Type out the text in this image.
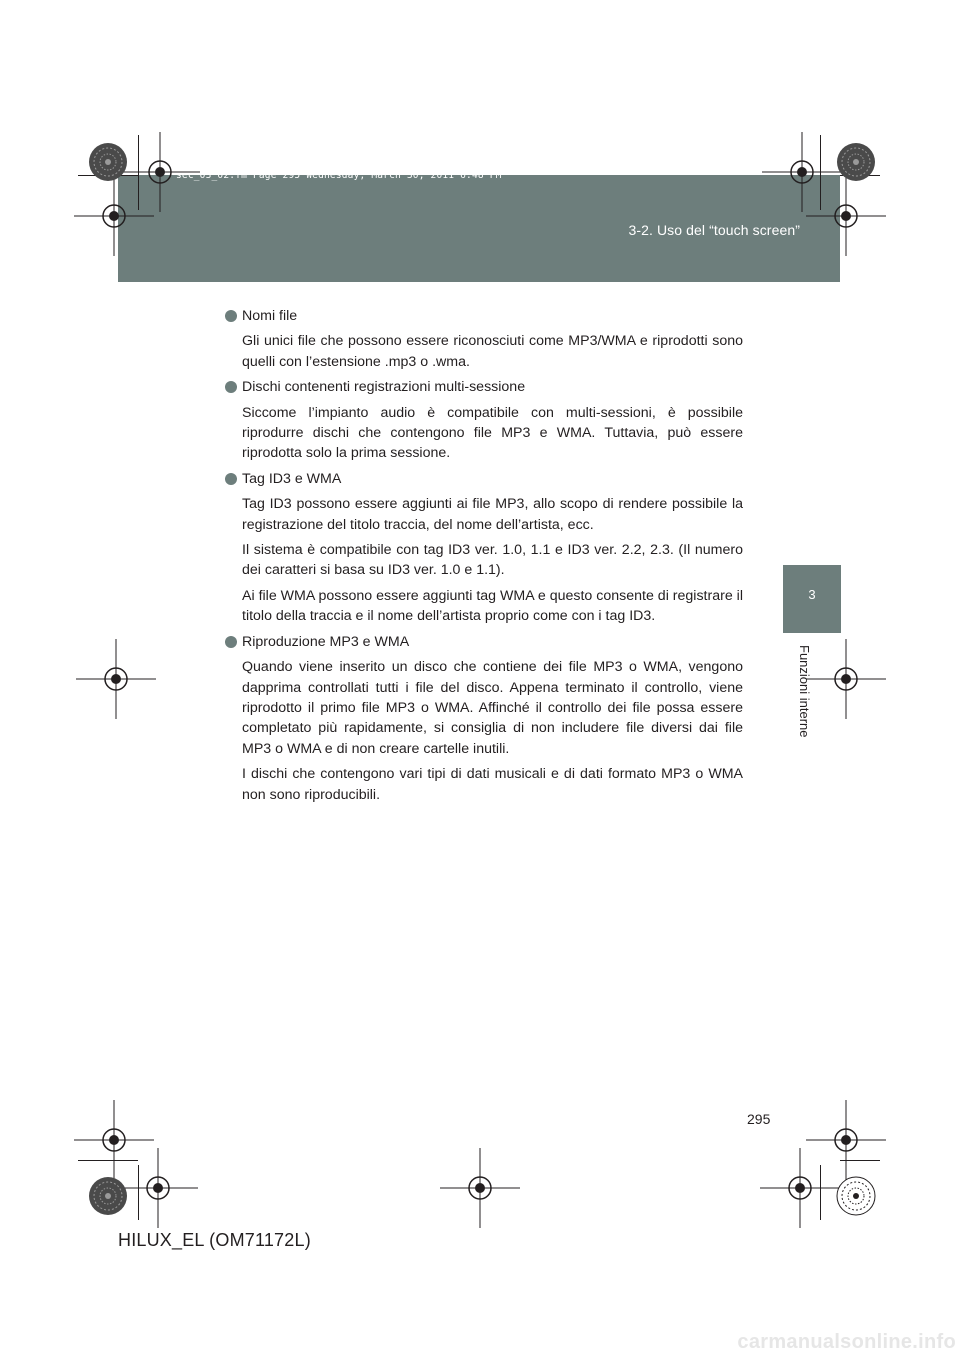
sec_03_02.fm Page 295 Wednesday, March 30, 2011 6:48 PM
3-2. Uso del “touch screen”
3
Funzioni interne
Nomi file

Gli unici file che possono essere riconosciuti come MP3/WMA e riprodotti sono quelli con l’estensione .mp3 o .wma.

Dischi contenenti registrazioni multi-sessione

Siccome l’impianto audio è compatibile con multi-sessioni, è possibile riprodurre dischi che contengono file MP3 e WMA. Tuttavia, può essere riprodotta solo la prima sessione.

Tag ID3 e WMA

Tag ID3 possono essere aggiunti ai file MP3, allo scopo di rendere possibile la registrazione del titolo traccia, del nome dell’artista, ecc.

Il sistema è compatibile con tag ID3 ver. 1.0, 1.1 e ID3 ver. 2.2, 2.3. (Il numero dei caratteri si basa su ID3 ver. 1.0 e 1.1).

Ai file WMA possono essere aggiunti tag WMA e questo consente di registrare il titolo della traccia e il nome dell’artista proprio come con i tag ID3.

Riproduzione MP3 e WMA

Quando viene inserito un disco che contiene dei file MP3 o WMA, vengono dapprima controllati tutti i file del disco. Appena terminato il controllo, viene riprodotto il primo file MP3 o WMA. Affinché il controllo dei file possa essere completato più rapidamente, si consiglia di non includere file diversi dai file MP3 o WMA e di non creare cartelle inutili.

I dischi che contengono vari tipi di dati musicali e di dati formato MP3 o WMA non sono riproducibili.

295
HILUX_EL (OM71172L)
carmanualsonline.info
